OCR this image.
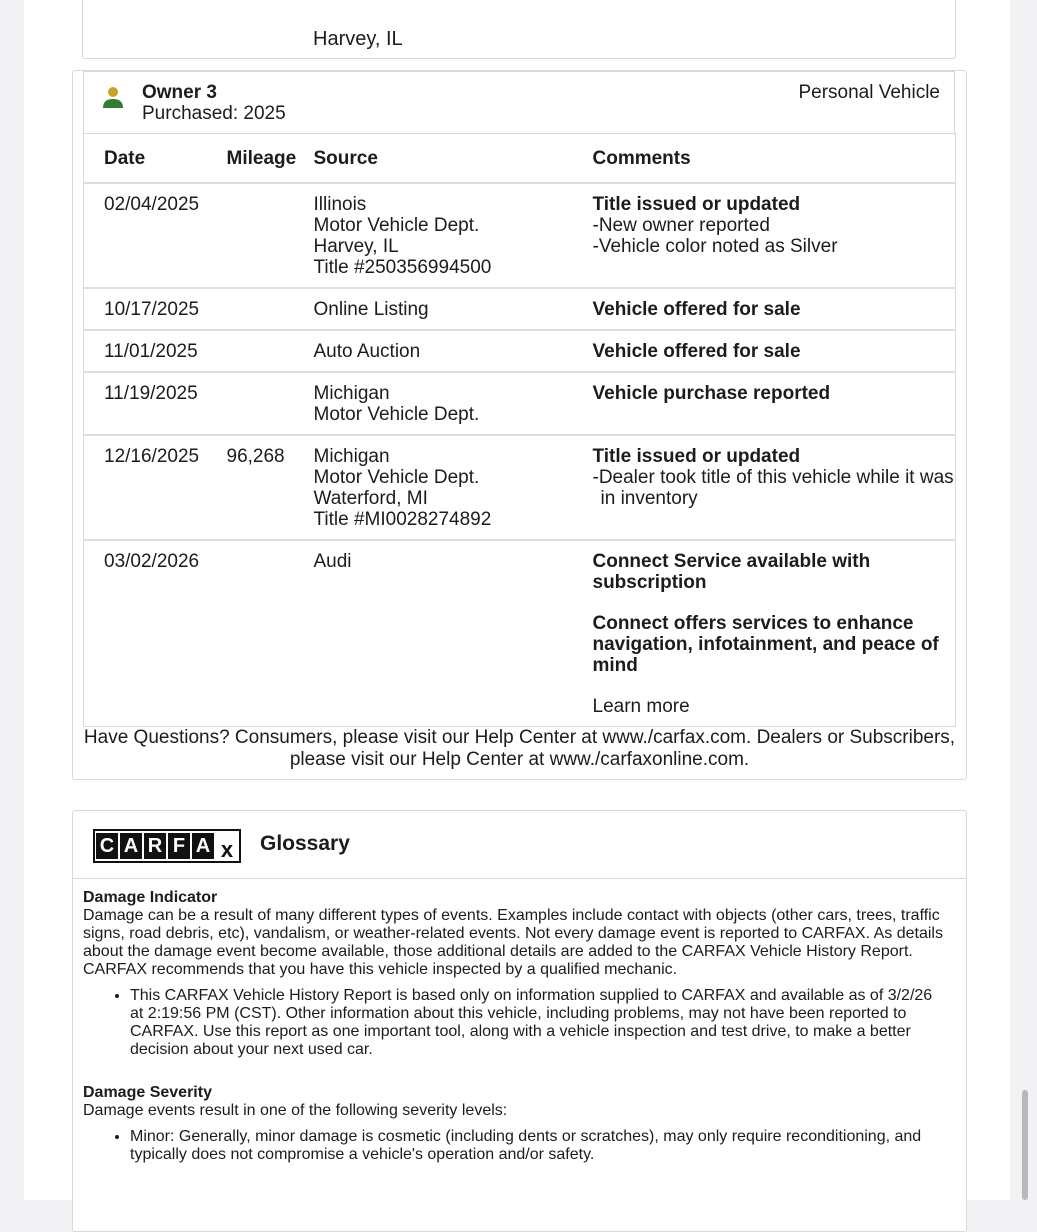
Harvey, IL
Owner 3
Purchased: 2025
Personal Vehicle
Date	Mileage	Source	Comments
02/04/2025		Illinois
Motor Vehicle Dept.
Harvey, IL
Title #250356994500	Title issued or updated
-New owner reported
-Vehicle color noted as Silver

10/17/2025		Online Listing	Vehicle offered for sale

11/01/2025		Auto Auction	Vehicle offered for sale

11/19/2025		Michigan
Motor Vehicle Dept.	Vehicle purchase reported

12/16/2025	96,268	Michigan
Motor Vehicle Dept.
Waterford, MI
Title #MI0028274892	Title issued or updated
-Dealer took title of this vehicle while it was in inventory

03/02/2026		Audi	Connect Service available with subscription
Connect offers services to enhance navigation, infotainment, and peace of mind
Learn more
Have Questions? Consumers, please visit our Help Center at www./carfax.com. Dealers or Subscribers, please visit our Help Center at www./carfaxonline.com.
C A R F A x Glossary
Damage Indicator

Damage can be a result of many different types of events. Examples include contact with objects (other cars, trees, traffic signs, road debris, etc), vandalism, or weather-related events. Not every damage event is reported to CARFAX. As details about the damage event become available, those additional details are added to the CARFAX Vehicle History Report. CARFAX recommends that you have this vehicle inspected by a qualified mechanic.

• This CARFAX Vehicle History Report is based only on information supplied to CARFAX and available as of 3/2/26 at 2:19:56 PM (CST). Other information about this vehicle, including problems, may not have been reported to CARFAX. Use this report as one important tool, along with a vehicle inspection and test drive, to make a better decision about your next used car.
Damage Severity

Damage events result in one of the following severity levels:

• Minor: Generally, minor damage is cosmetic (including dents or scratches), may only require reconditioning, and typically does not compromise a vehicle's operation and/or safety.
